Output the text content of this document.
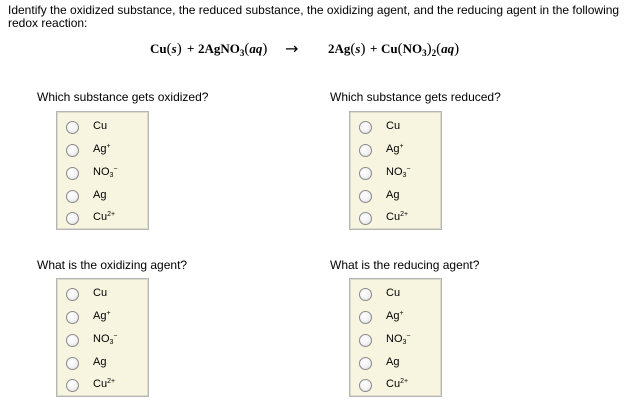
Identify the oxidized substance, the reduced substance, the oxidizing agent, and the reducing agent in the following redox reaction:
Cu(s) + 2AgNO$_3$(aq) → $2Ag(s) + Cu(NO_3)_2(aq)$
Which substance gets oxidized?
Cu
Ag+
$NO_3^-$
Ag
$Cu^{2+}$
Which substance gets reduced?
Cu
Ag+
$NO_3^-$
Ag
$Cu^{2+}$
What is the oxidizing agent?
Cu
Ag+
$NO_3^-$
Ag
$Cu^{2+}$
What is the reducing agent?
Cu
Ag+
$NO_3^-$
Ag
$Cu^{2+}$
